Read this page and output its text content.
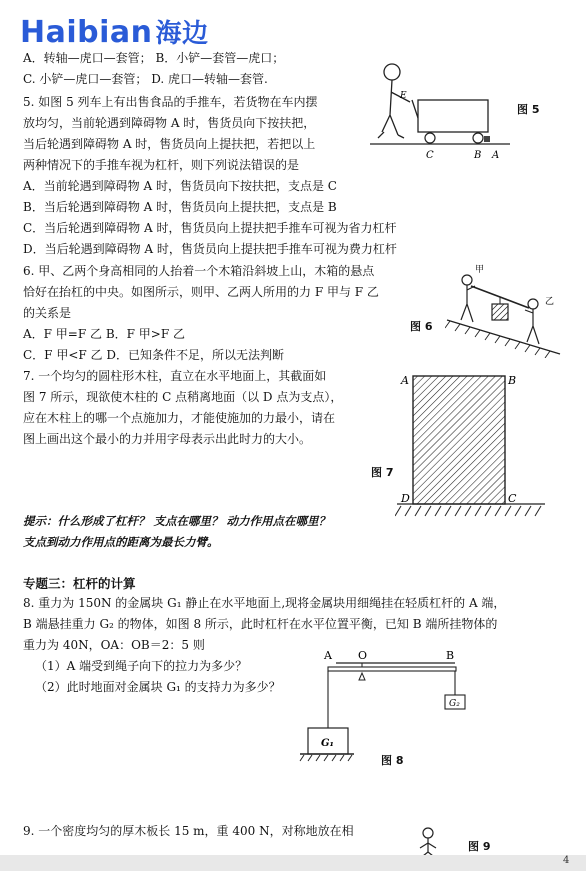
Haibian 海边
A．转轴—虎口—套管； B．小铲—套管—虎口；
C. 小铲—虎口—套管； D. 虎口—转轴—套管.
5. 如图 5 列车上有出售食品的手推车，若货物在车内摆
放均匀，当前轮遇到障碍物 A 时，售货员向下按扶把，
当后轮遇到障碍物 A 时，售货员向上提扶把，若把以上
两种情况下的手推车视为杠杆，则下列说法错误的是
A．当前轮遇到障碍物 A 时，售货员向下按扶把，支点是 C
B．当后轮遇到障碍物 A 时，售货员向上提扶把，支点是 B
C．当后轮遇到障碍物 A 时，售货员向上提扶把手推车可视为省力杠杆
D．当后轮遇到障碍物 A 时，售货员向上提扶把手推车可视为费力杠杆
E
C	B A
图 5
6. 甲、乙两个身高相同的人抬着一个木箱沿斜坡上山，木箱的悬点
恰好在抬杠的中央。如图所示，则甲、乙两人所用的力 F 甲与 F 乙
的关系是
A．F 甲=F 乙 B．F 甲>F 乙
C．F 甲<F 乙 D．已知条件不足，所以无法判断
甲
乙
图 6
7. 一个均匀的圆柱形木柱，直立在水平地面上，其截面如
图 7 所示，现欲使木柱的 C 点稍离地面（以 D 点为支点），
应在木柱上的哪一个点施加力，才能使施加的力最小，请在
图上画出这个最小的力并用字母表示出此时力的大小。
A	B
D	C
图 7
提示：什么形成了杠杆？ 支点在哪里？ 动力作用点在哪里？
支点到动力作用点的距离为最长力臂。
专题三：杠杆的计算
8. 重力为 150N 的金属块 G₁ 静止在水平地面上,现将金属块用细绳挂在轻质杠杆的 A 端，
B 端悬挂重力 G₂ 的物体，如图 8 所示，此时杠杆在水平位置平衡，已知 B 端所挂物体的
重力为 40N，OA：OB＝2：5 则
（1）A 端受到绳子向下的拉力为多少？
（2）此时地面对金属块 G₁ 的支持力为多少？
A O	B
G₂
G₁
图 8
9. 一个密度均匀的厚木板长 15 m，重 400 N，对称地放在相
图 9
4
